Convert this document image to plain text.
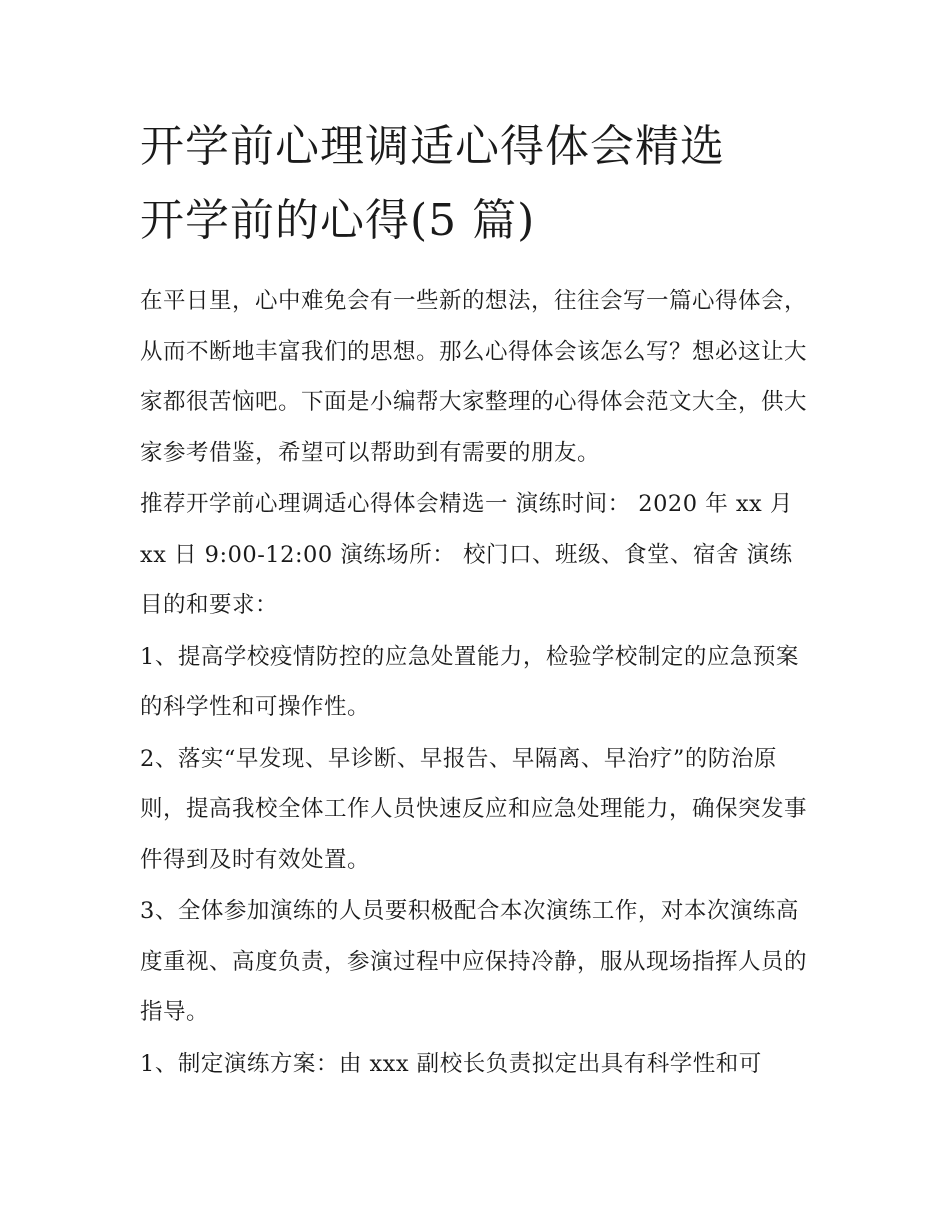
开学前心理调适心得体会精选
开学前的心得(5 篇)

在平日里，心中难免会有一些新的想法，往往会写一篇心得体会，从而不断地丰富我们的思想。那么心得体会该怎么写？想必这让大家都很苦恼吧。下面是小编帮大家整理的心得体会范文大全，供大家参考借鉴，希望可以帮助到有需要的朋友。

推荐开学前心理调适心得体会精选一 演练时间： 2020 年 xx 月 xx 日 9:00-12:00 演练场所： 校门口、班级、食堂、宿舍 演练目的和要求：

1、提高学校疫情防控的应急处置能力，检验学校制定的应急预案的科学性和可操作性。

2、落实“早发现、早诊断、早报告、早隔离、早治疗”的防治原则，提高我校全体工作人员快速反应和应急处理能力，确保突发事件得到及时有效处置。

3、全体参加演练的人员要积极配合本次演练工作，对本次演练高度重视、高度负责，参演过程中应保持冷静，服从现场指挥人员的指导。

1、制定演练方案：由 xxx 副校长负责拟定出具有科学性和可
